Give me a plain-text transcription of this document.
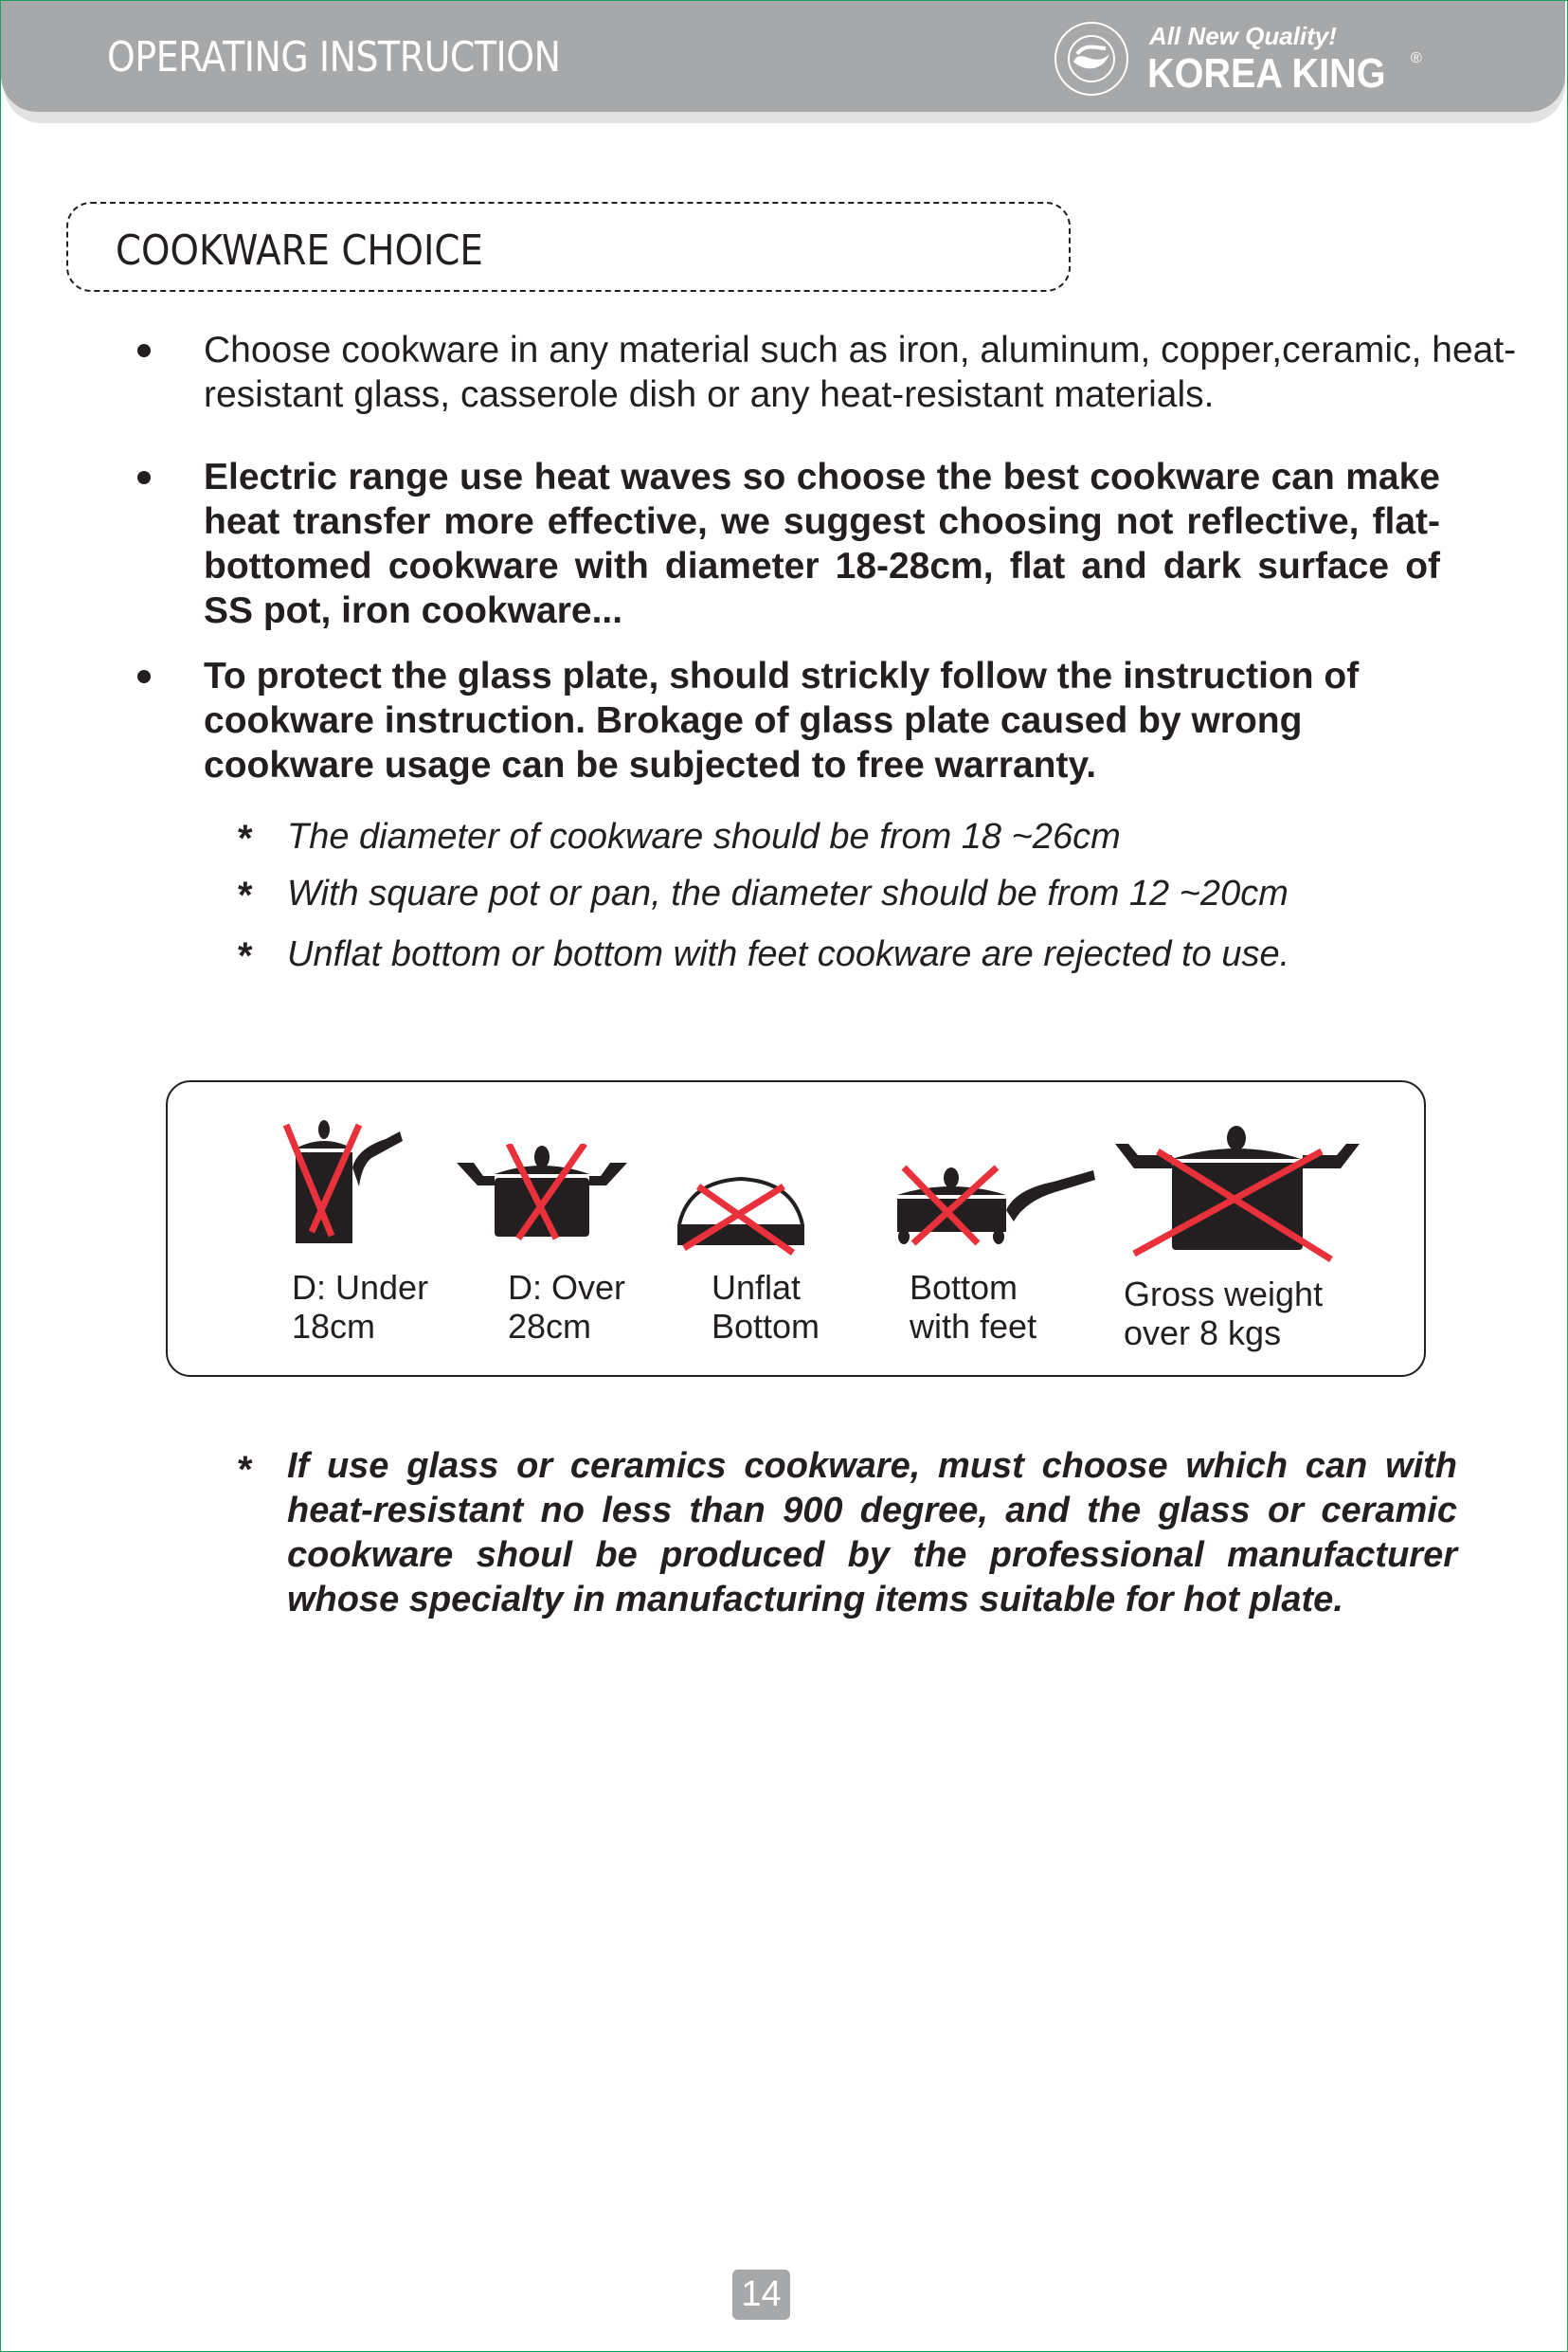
OPERATING INSTRUCTION	All New Quality!
KOREA KING ®
COOKWARE CHOICE
Choose cookware in any material such as iron, aluminum, copper,ceramic, heat-resistant glass, casserole dish or any heat-resistant materials.
Electric range use heat waves so choose the best cookware can make heat transfer more effective, we suggest choosing not reflective, flat-bottomed cookware with diameter 18-28cm, flat and dark surface of SS pot, iron cookware...
To protect the glass plate, should strickly follow the instruction of cookware instruction. Brokage of glass plate caused by wrong cookware usage can be subjected to free warranty.
* The diameter of cookware should be from 18 ~26cm
* With square pot or pan, the diameter should be from 12 ~20cm
* Unflat bottom or bottom with feet cookware are rejected to use.
D: Under
18cm
D: Over
28cm
Unflat
Bottom
Bottom
with feet
Gross weight
over 8 kgs
* If use glass or ceramics cookware, must choose which can with heat-resistant no less than 900 degree, and the glass or ceramic cookware shoul be produced by the professional manufacturer whose specialty in manufacturing items suitable for hot plate.
14
